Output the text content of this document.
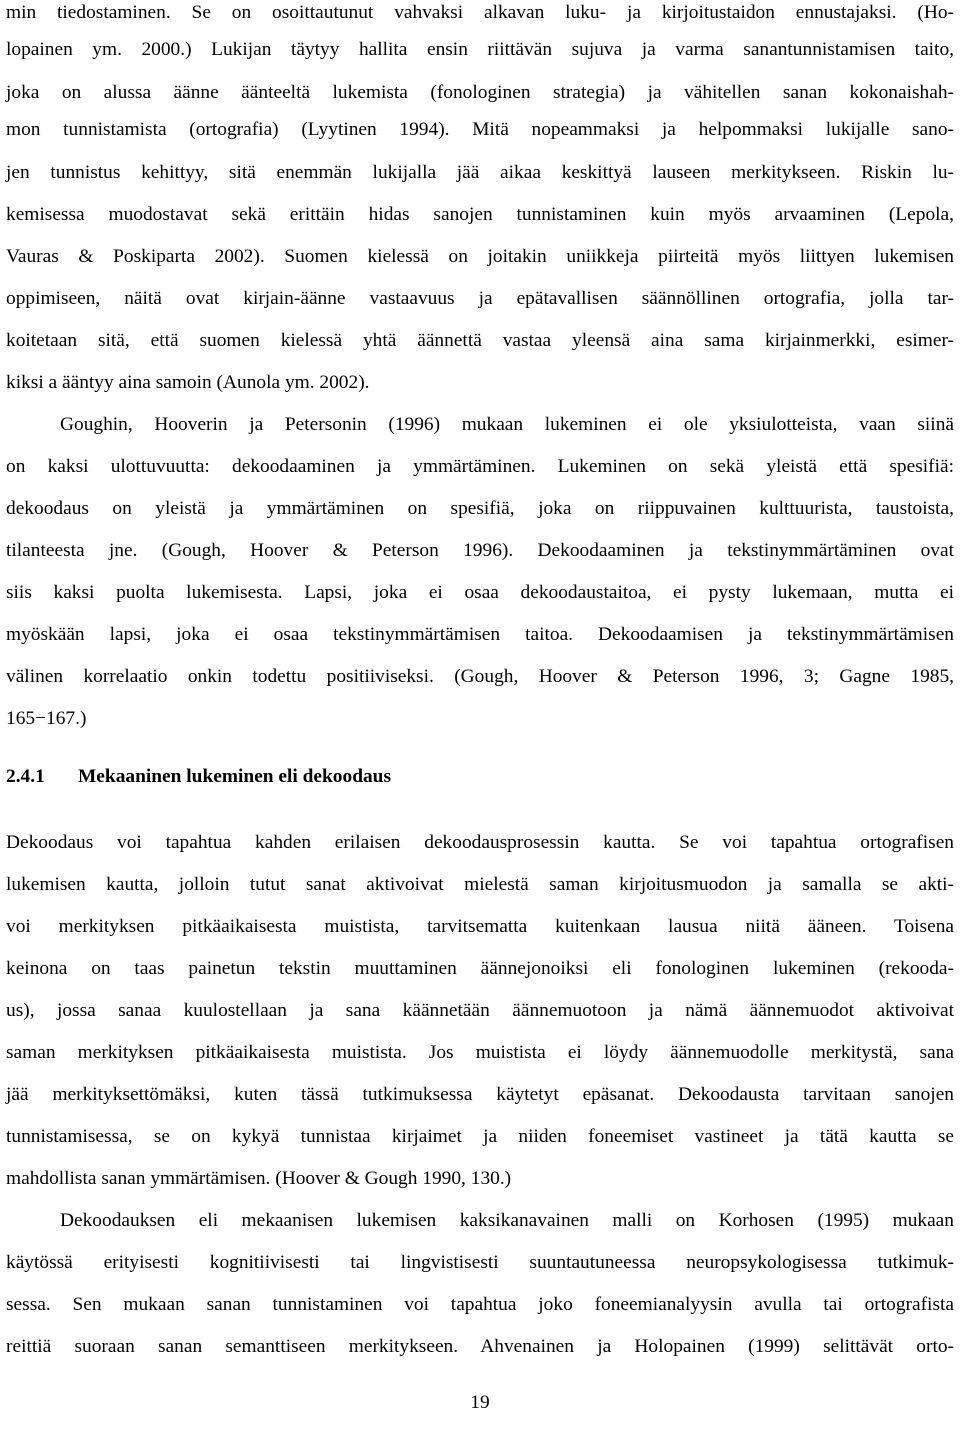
min tiedostaminen. Se on osoittautunut vahvaksi alkavan luku- ja kirjoitustaidon ennustajaksi. (Ho-
lopainen ym. 2000.) Lukijan täytyy hallita ensin riittävän sujuva ja varma sanantunnistamisen taito,
joka on alussa äänne äänteeltä lukemista (fonologinen strategia) ja vähitellen sanan kokonaishah-
mon tunnistamista (ortografia) (Lyytinen 1994). Mitä nopeammaksi ja helpommaksi lukijalle sano-
jen tunnistus kehittyy, sitä enemmän lukijalla jää aikaa keskittyä lauseen merkitykseen. Riskin lu-
kemisessa muodostavat sekä erittäin hidas sanojen tunnistaminen kuin myös arvaaminen (Lepola,
Vauras & Poskiparta 2002). Suomen kielessä on joitakin uniikkeja piirteitä myös liittyen lukemisen
oppimiseen, näitä ovat kirjain-äänne vastaavuus ja epätavallisen säännöllinen ortografia, jolla tar-
koitetaan sitä, että suomen kielessä yhtä äännettä vastaa yleensä aina sama kirjainmerkki, esimer-
kiksi a ääntyy aina samoin (Aunola ym. 2002).
Goughin, Hooverin ja Petersonin (1996) mukaan lukeminen ei ole yksiulotteista, vaan siinä
on kaksi ulottuvuutta: dekoodaaminen ja ymmärtäminen. Lukeminen on sekä yleistä että spesifiä:
dekoodaus on yleistä ja ymmärtäminen on spesifiä, joka on riippuvainen kulttuurista, taustoista,
tilanteesta jne. (Gough, Hoover & Peterson 1996). Dekoodaaminen ja tekstinymmärtäminen ovat
siis kaksi puolta lukemisesta. Lapsi, joka ei osaa dekoodaustaitoa, ei pysty lukemaan, mutta ei
myöskään lapsi, joka ei osaa tekstinymmärtämisen taitoa. Dekoodaamisen ja tekstinymmärtämisen
välinen korrelaatio onkin todettu positiiviseksi. (Gough, Hoover & Peterson 1996, 3; Gagne 1985,
165−167.)
2.4.1 Mekaaninen lukeminen eli dekoodaus
Dekoodaus voi tapahtua kahden erilaisen dekoodausprosessin kautta. Se voi tapahtua ortografisen
lukemisen kautta, jolloin tutut sanat aktivoivat mielestä saman kirjoitusmuodon ja samalla se akti-
voi merkityksen pitkäaikaisesta muistista, tarvitsematta kuitenkaan lausua niitä ääneen. Toisena
keinona on taas painetun tekstin muuttaminen äännejonoiksi eli fonologinen lukeminen (rekooda-
us), jossa sanaa kuulostellaan ja sana käännetään äännemuotoon ja nämä äännemuodot aktivoivat
saman merkityksen pitkäaikaisesta muistista. Jos muistista ei löydy äännemuodolle merkitystä, sana
jää merkityksettömäksi, kuten tässä tutkimuksessa käytetyt epäsanat. Dekoodausta tarvitaan sanojen
tunnistamisessa, se on kykyä tunnistaa kirjaimet ja niiden foneemiset vastineet ja tätä kautta se
mahdollista sanan ymmärtämisen. (Hoover & Gough 1990, 130.)
Dekoodauksen eli mekaanisen lukemisen kaksikanavainen malli on Korhosen (1995) mukaan
käytössä erityisesti kognitiivisesti tai lingvistisesti suuntautuneessa neuropsykologisessa tutkimuk-
sessa. Sen mukaan sanan tunnistaminen voi tapahtua joko foneemianalyysin avulla tai ortografista
reittiä suoraan sanan semanttiseen merkitykseen. Ahvenainen ja Holopainen (1999) selittävät orto-
19
